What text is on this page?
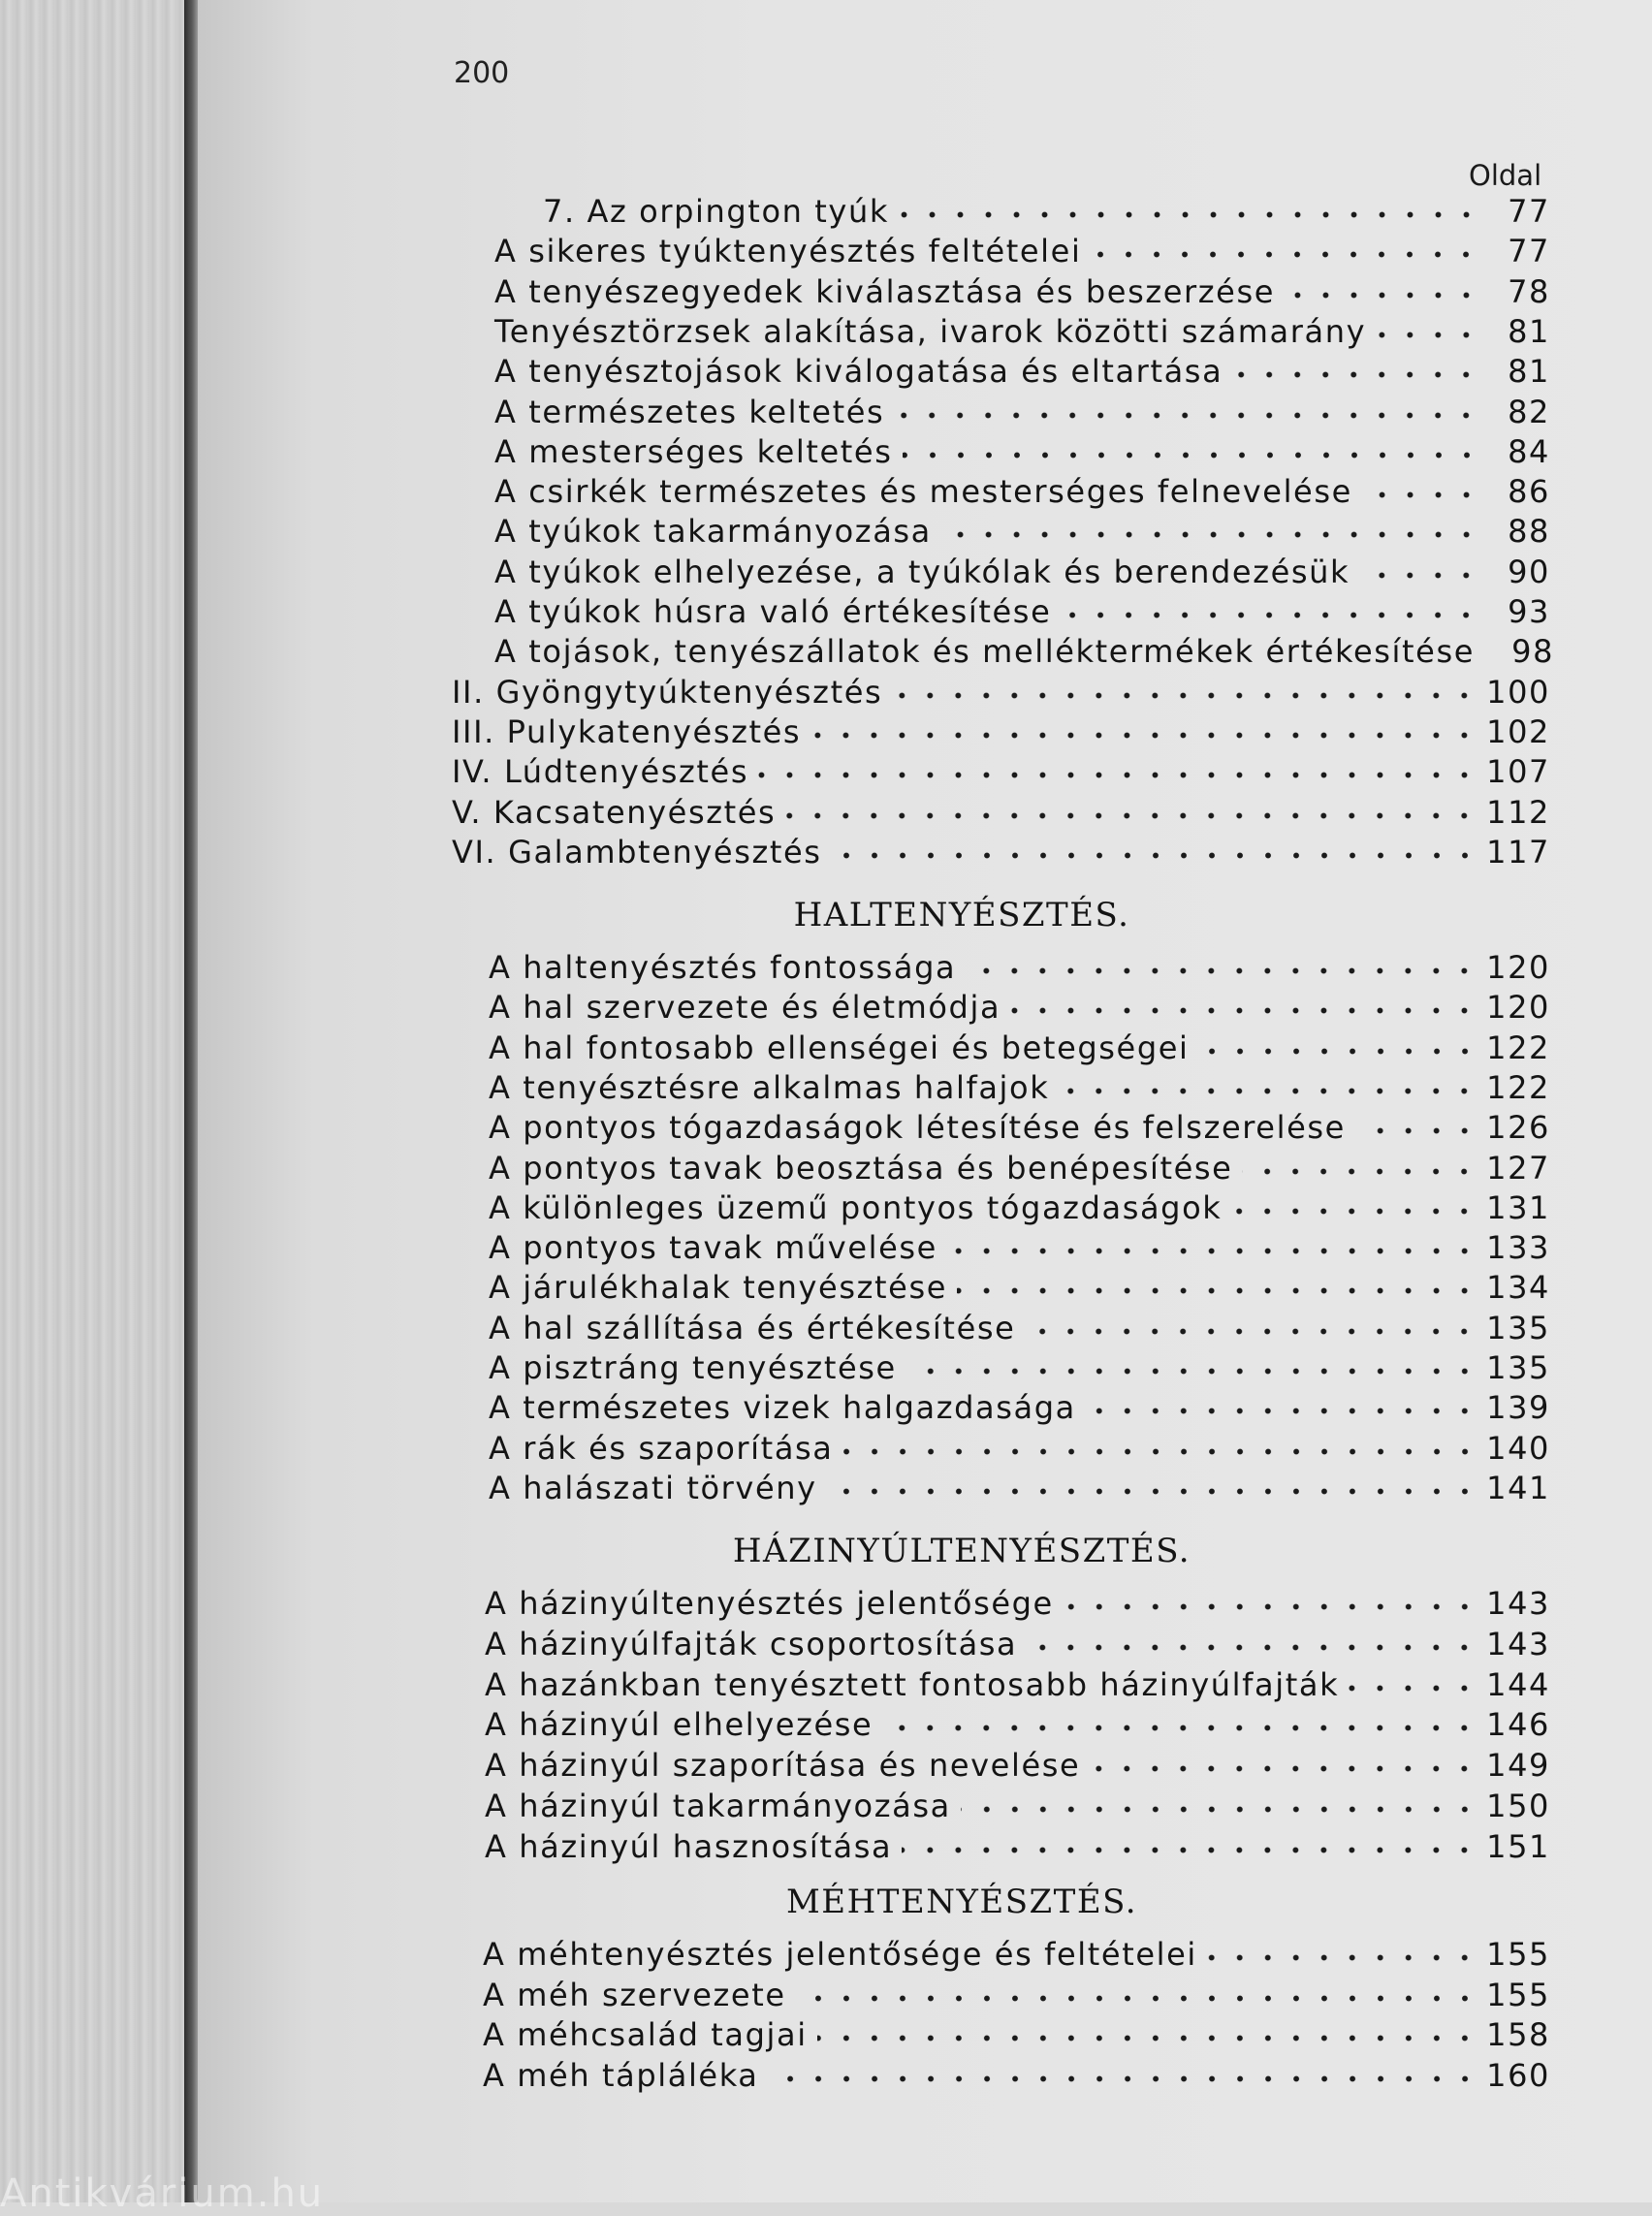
200
Oldal
7. Az orpington tyúk	77
A sikeres tyúktenyésztés feltételei	77
A tenyészegyedek kiválasztása és beszerzése	78
Tenyésztörzsek alakítása, ivarok közötti számarány	81
A tenyésztojások kiválogatása és eltartása	81
A természetes keltetés	82
A mesterséges keltetés	84
A csirkék természetes és mesterséges felnevelése	86
A tyúkok takarmányozása	88
A tyúkok elhelyezése, a tyúkólak és berendezésük	90
A tyúkok húsra való értékesítése	93
A tojások, tenyészállatok és melléktermékek értékesítése	98
II. Gyöngytyúktenyésztés	100
III. Pulykatenyésztés	102
IV. Lúdtenyésztés	107
V. Kacsatenyésztés	112
VI. Galambtenyésztés	117
HALTENYÉSZTÉS.
A haltenyésztés fontossága	120
A hal szervezete és életmódja	120
A hal fontosabb ellenségei és betegségei	122
A tenyésztésre alkalmas halfajok	122
A pontyos tógazdaságok létesítése és felszerelése	126
A pontyos tavak beosztása és benépesítése	127
A különleges üzemű pontyos tógazdaságok	131
A pontyos tavak művelése	133
A járulékhalak tenyésztése	134
A hal szállítása és értékesítése	135
A pisztráng tenyésztése	135
A természetes vizek halgazdasága	139
A rák és szaporítása	140
A halászati törvény	141
HÁZINYÚLTENYÉSZTÉS.
A házinyúltenyésztés jelentősége	143
A házinyúlfajták csoportosítása	143
A hazánkban tenyésztett fontosabb házinyúlfajták	144
A házinyúl elhelyezése	146
A házinyúl szaporítása és nevelése	149
A házinyúl takarmányozása	150
A házinyúl hasznosítása	151
MÉHTENYÉSZTÉS.
A méhtenyésztés jelentősége és feltételei	155
A méh szervezete	155
A méhcsalád tagjai	158
A méh tápláléka	160
Antikvárium.hu
